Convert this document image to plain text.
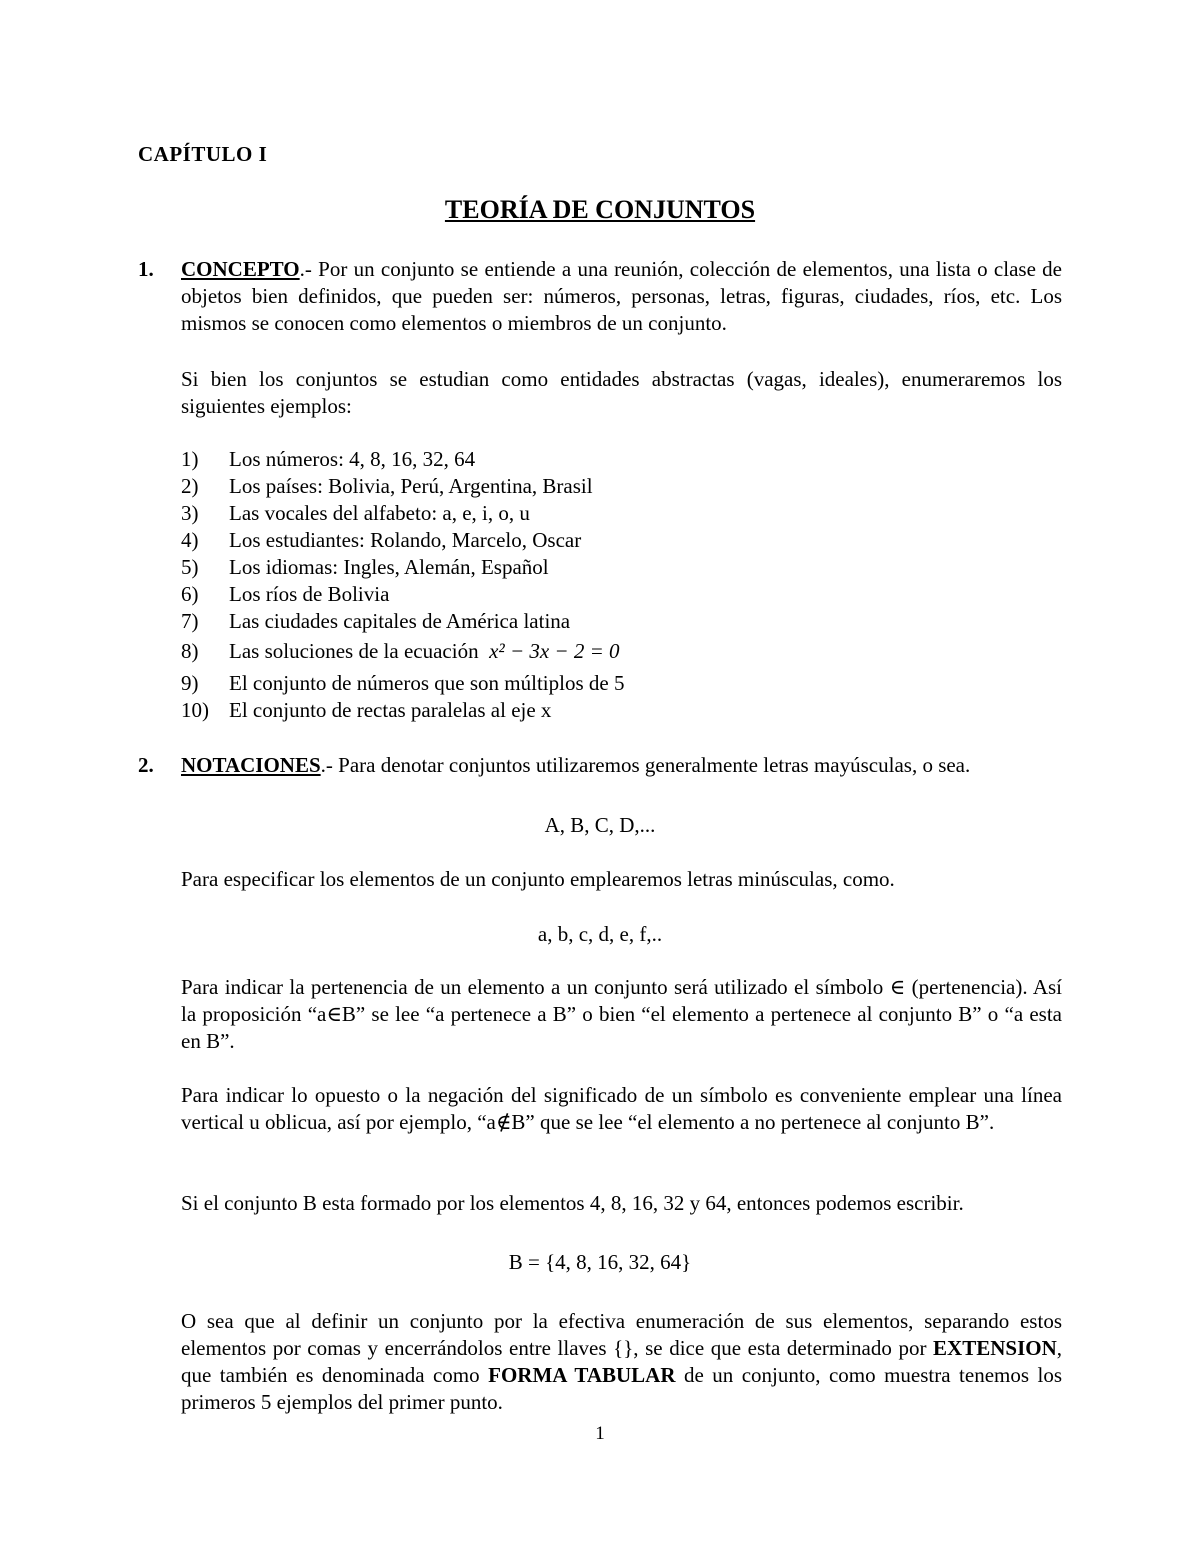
CAPÍTULO I
TEORÍA DE CONJUNTOS
1. CONCEPTO.- Por un conjunto se entiende a una reunión, colección de elementos, una lista o clase de objetos bien definidos, que pueden ser: números, personas, letras, figuras, ciudades, ríos, etc. Los mismos se conocen como elementos o miembros de un conjunto.
Si bien los conjuntos se estudian como entidades abstractas (vagas, ideales), enumeraremos los siguientes ejemplos:
1)	Los números: 4, 8, 16, 32, 64
2)	Los países: Bolivia, Perú, Argentina, Brasil
3)	Las vocales del alfabeto: a, e, i, o, u
4)	Los estudiantes: Rolando, Marcelo, Oscar
5)	Los idiomas: Ingles, Alemán, Español
6)	Los ríos de Bolivia
7)	Las ciudades capitales de América latina
8)	Las soluciones de la ecuación
x² − 3x − 2 = 0
9)	El conjunto de números que son múltiplos de 5
10) El conjunto de rectas paralelas al eje x
2. NOTACIONES.- Para denotar conjuntos utilizaremos generalmente letras mayúsculas, o sea.
A, B, C, D,...
Para especificar los elementos de un conjunto emplearemos letras minúsculas, como.
a, b, c, d, e, f,..
Para indicar la pertenencia de un elemento a un conjunto será utilizado el símbolo ∈ (pertenencia). Así la proposición “a∈B” se lee “a pertenece a B” o bien “el elemento a pertenece al conjunto B” o “a esta en B”.
Para indicar lo opuesto o la negación del significado de un símbolo es conveniente emplear una línea vertical u oblicua, así por ejemplo, “a∉B” que se lee “el elemento a no pertenece al conjunto B”.
Si el conjunto B esta formado por los elementos 4, 8, 16, 32 y 64, entonces podemos escribir.
B = {4, 8, 16, 32, 64}
O sea que al definir un conjunto por la efectiva enumeración de sus elementos, separando estos elementos por comas y encerrándolos entre llaves {}, se dice que esta determinado por EXTENSION, que también es denominada como FORMA TABULAR de un conjunto, como muestra tenemos los primeros 5 ejemplos del primer punto.
1
